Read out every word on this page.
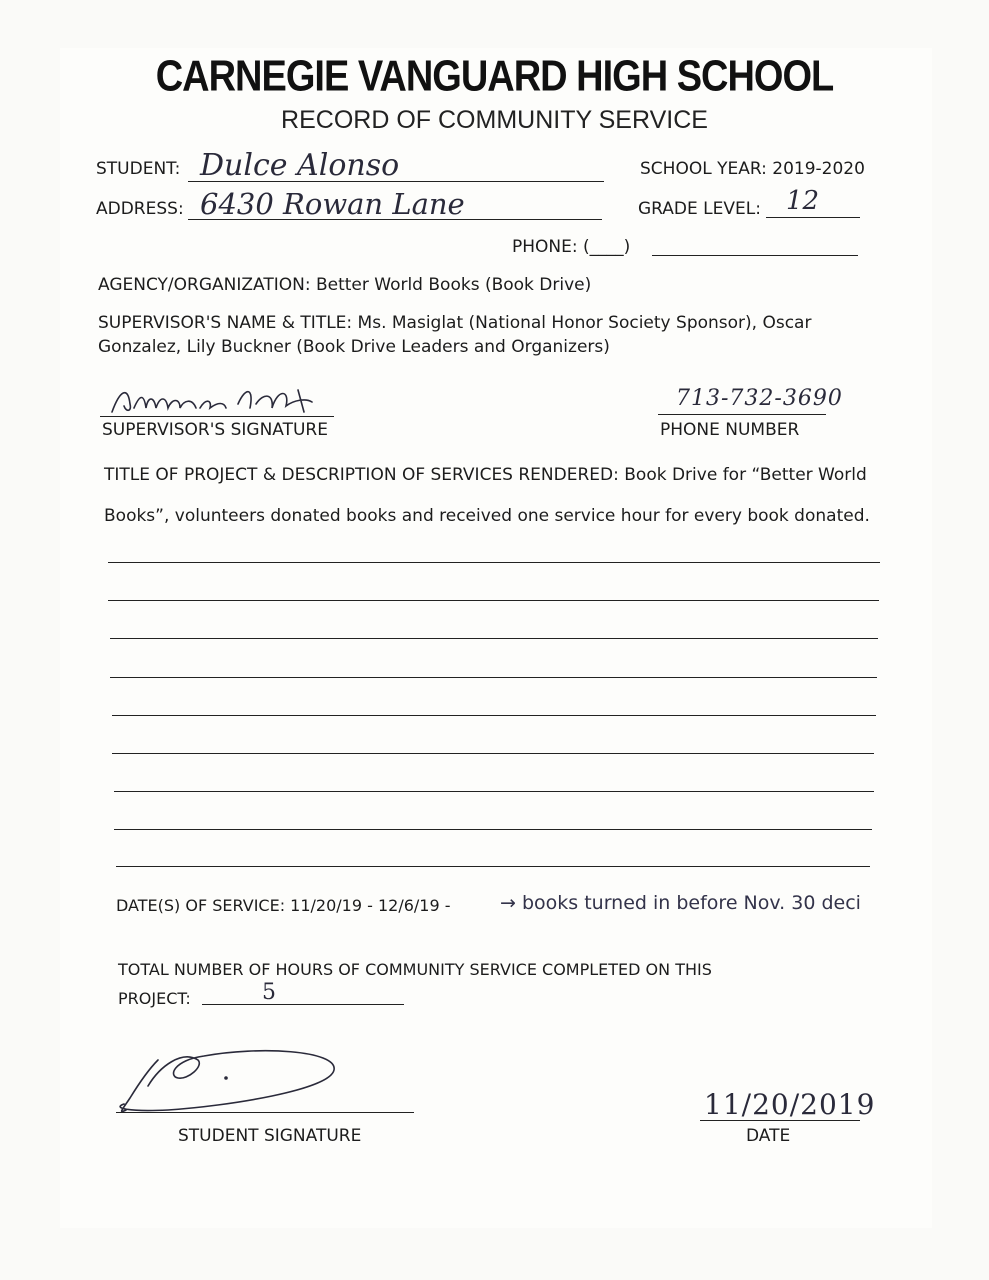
CARNEGIE VANGUARD HIGH SCHOOL
RECORD OF COMMUNITY SERVICE
STUDENT: Dulce Alonso	SCHOOL YEAR: 2019-2020
ADDRESS: 6430 Rowan Lane	GRADE LEVEL: 12
PHONE: (____)
AGENCY/ORGANIZATION: Better World Books (Book Drive)
SUPERVISOR'S NAME & TITLE: Ms. Masiglat (National Honor Society Sponsor), Oscar
Gonzalez, Lily Buckner (Book Drive Leaders and Organizers)
SUPERVISOR'S SIGNATURE
713-732-3690
PHONE NUMBER
TITLE OF PROJECT & DESCRIPTION OF SERVICES RENDERED: Book Drive for “Better World
Books”, volunteers donated books and received one service hour for every book donated.
DATE(S) OF SERVICE: 11/20/19 - 12/6/19 -	→ books turned in before Nov. 30 deci
TOTAL NUMBER OF HOURS OF COMMUNITY SERVICE COMPLETED ON THIS
PROJECT:	5
STUDENT SIGNATURE
11/20/2019
DATE
